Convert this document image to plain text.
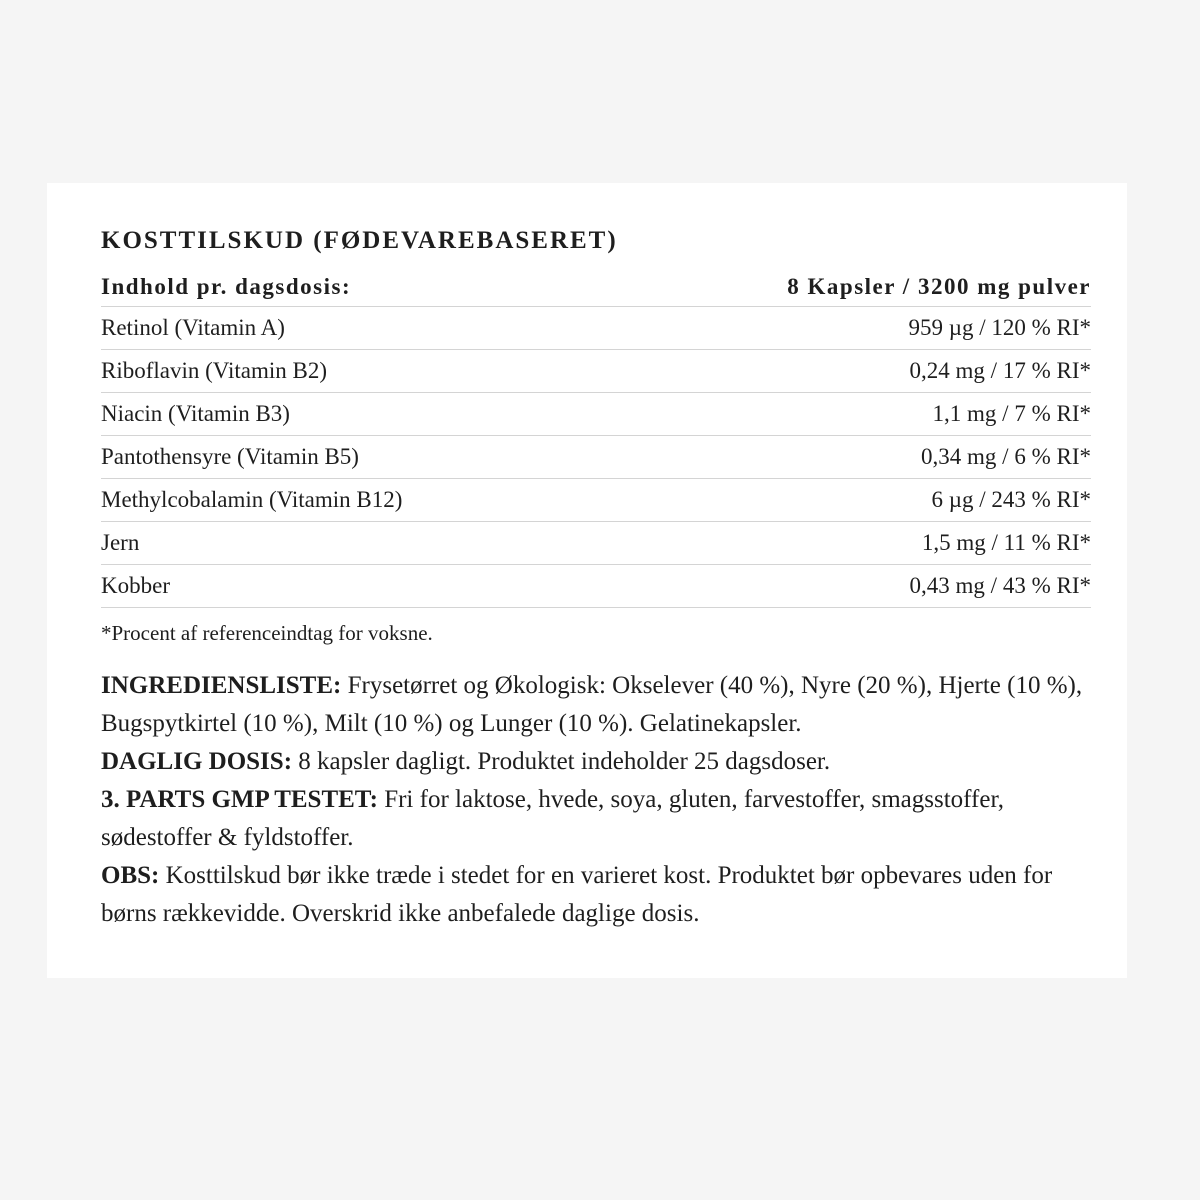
KOSTTILSKUD (FØDEVAREBASERET)
Indhold pr. dagsdosis:	8 Kapsler / 3200 mg pulver
Retinol (Vitamin A)	959 µg / 120 % RI*
Riboflavin (Vitamin B2)	0,24 mg / 17 % RI*
Niacin (Vitamin B3)	1,1 mg / 7 % RI*
Pantothensyre (Vitamin B5)	0,34 mg / 6 % RI*
Methylcobalamin (Vitamin B12)	6 µg / 243 % RI*
Jern	1,5 mg / 11 % RI*
Kobber	0,43 mg / 43 % RI*
*Procent af referenceindtag for voksne.

INGREDIENSLISTE: Frysetørret og Økologisk: Okselever (40 %), Nyre (20 %), Hjerte (10 %), Bugspytkirtel (10 %), Milt (10 %) og Lunger (10 %). Gelatinekapsler.

DAGLIG DOSIS: 8 kapsler dagligt. Produktet indeholder 25 dagsdoser.

3. PARTS GMP TESTET: Fri for laktose, hvede, soya, gluten, farvestoffer, smagsstoffer, sødestoffer & fyldstoffer.

OBS: Kosttilskud bør ikke træde i stedet for en varieret kost. Produktet bør opbevares uden for børns rækkevidde. Overskrid ikke anbefalede daglige dosis.
